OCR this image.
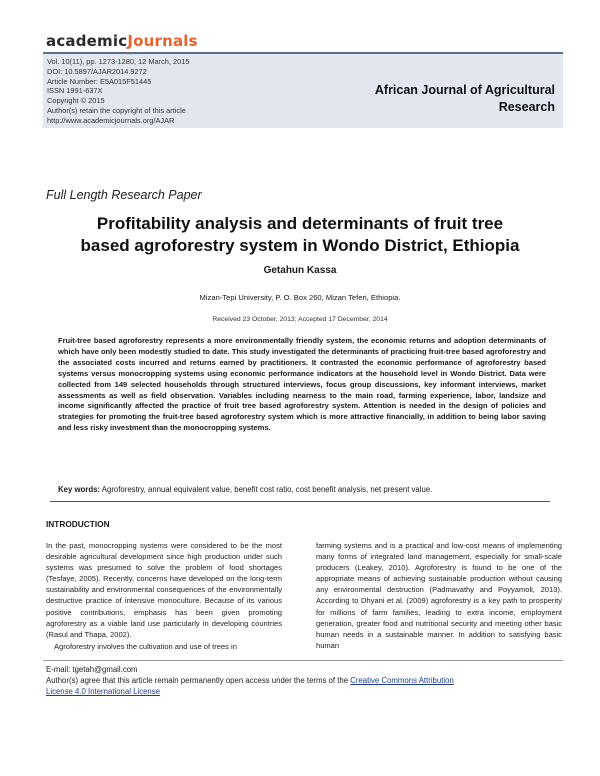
academicJournals
Vol. 10(11), pp. 1273-1280, 12 March, 2015
DOI: 10.5897/AJAR2014.9272
Article Number: E5A015F51445
ISSN 1991-637X
Copyright © 2015
Author(s) retain the copyright of this article
http://www.academicjournals.org/AJAR
African Journal of Agricultural
Research
Full Length Research Paper
Profitability analysis and determinants of fruit tree
based agroforestry system in Wondo District, Ethiopia
Getahun Kassa
Mizan-Tepi University, P. O. Box 260, Mizan Teferi, Ethiopia.
Received 23 October, 2013; Accepted 17 December, 2014
Fruit-tree based agroforestry represents a more environmentally friendly system, the economic returns and adoption determinants of which have only been modestly studied to date. This study investigated the determinants of practicing fruit-tree based agroforestry and the associated costs incurred and returns earned by practitioners. It contrasted the economic performance of agroforestry based systems versus monocropping systems using economic performance indicators at the household level in Wondo District. Data were collected from 149 selected households through structured interviews, focus group discussions, key informant interviews, market assessments as well as field observation. Variables including nearness to the main road, farming experience, labor, landsize and income significantly affected the practice of fruit tree based agroforestry system. Attention is needed in the design of policies and strategies for promoting the fruit-tree based agroforestry system which is more attractive financially, in addition to being labor saving and less risky investment than the monocropping systems.
Key words: Agroforestry, annual equivalent value, benefit cost ratio, cost benefit analysis, net present value.
INTRODUCTION

In the past, monocropping systems were considered to be the most desirable agricultural development since high production under such systems was presumed to solve the problem of food shortages (Tesfaye, 2005). Recently, concerns have developed on the long-term sustainability and environmental consequences of the environmentally destructive practice of intensive monoculture. Because of its various positive contributions, emphasis has been given promoting agroforestry as a viable land use particularly in developing countries (Rasul and Thapa, 2002).

Agroforestry involves the cultivation and use of trees in

farming systems and is a practical and low-cost means of implementing many forms of integrated land management, especially for small-scale producers (Leakey, 2010). Agroforestry is found to be one of the appropriate means of achieving sustainable production without causing any environmental destruction (Padmavathy and Poyyamoli, 2013). According to Dhyani et al. (2009) agroforestry is a key path to prosperity for millions of farm families, leading to extra income, employment generation, greater food and nutritional security and meeting other basic human needs in a sustainable manner. In addition to satisfying basic human

E-mail: tgetah@gmail.com
Author(s) agree that this article remain permanently open access under the terms of the Creative Commons Attribution
License 4.0 International License
